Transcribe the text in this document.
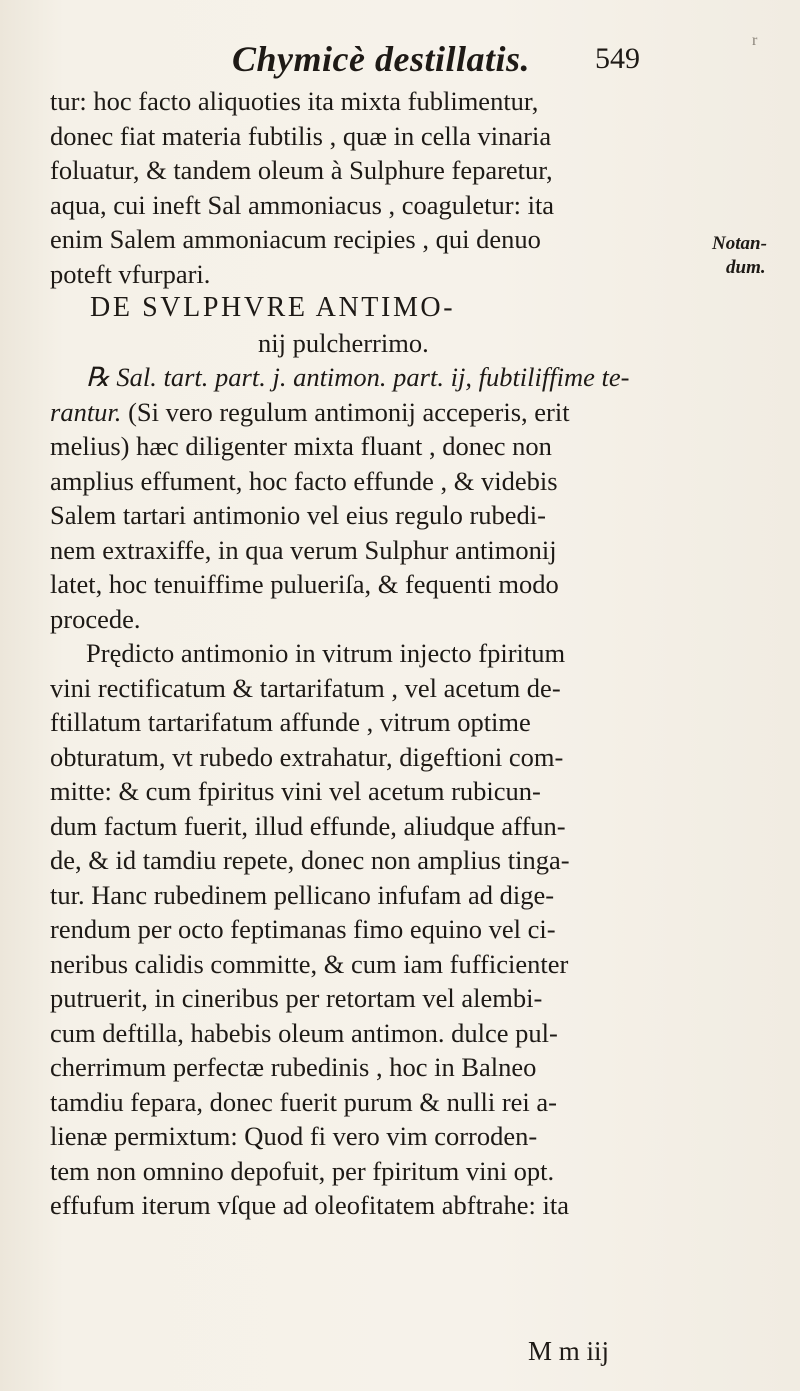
Chymicè destillatis. 549
r
tur: hoc facto aliquoties ita mixta fublimentur,
donec fiat materia fubtilis , quæ in cella vinaria
foluatur, & tandem oleum à Sulphure feparetur,
aqua, cui ineft Sal ammoniacus , coaguletur: ita
enim Salem ammoniacum recipies , qui denuo
poteft vfurpari.
DE SVLPHVRE ANTIMO-
nij pulcherrimo.
℞ Sal. tart. part. j. antimon. part. ij, fubtiliffime te-
rantur. (Si vero regulum antimonij acceperis, erit
melius) hæc diligenter mixta fluant , donec non
amplius effument, hoc facto effunde , & videbis
Salem tartari antimonio vel eius regulo rubedi-
nem extraxiffe, in qua verum Sulphur antimonij
latet, hoc tenuiffime pulueriſa, & fequenti modo
procede.
Prędicto antimonio in vitrum injecto fpiritum
vini rectificatum & tartarifatum , vel acetum de-
ftillatum tartarifatum affunde , vitrum optime
obturatum, vt rubedo extrahatur, digeftioni com-
mitte: & cum fpiritus vini vel acetum rubicun-
dum factum fuerit, illud effunde, aliudque affun-
de, & id tamdiu repete, donec non amplius tinga-
tur. Hanc rubedinem pellicano infufam ad dige-
rendum per octo feptimanas fimo equino vel ci-
neribus calidis committe, & cum iam fufficienter
putruerit, in cineribus per retortam vel alembi-
cum deftilla, habebis oleum antimon. dulce pul-
cherrimum perfectæ rubedinis , hoc in Balneo
tamdiu fepara, donec fuerit purum & nulli rei a-
lienæ permixtum: Quod fi vero vim corroden-
tem non omnino depofuit, per fpiritum vini opt.
effufum iterum vſque ad oleofitatem abftrahe: ita
Notan-
dum.
M m iij
